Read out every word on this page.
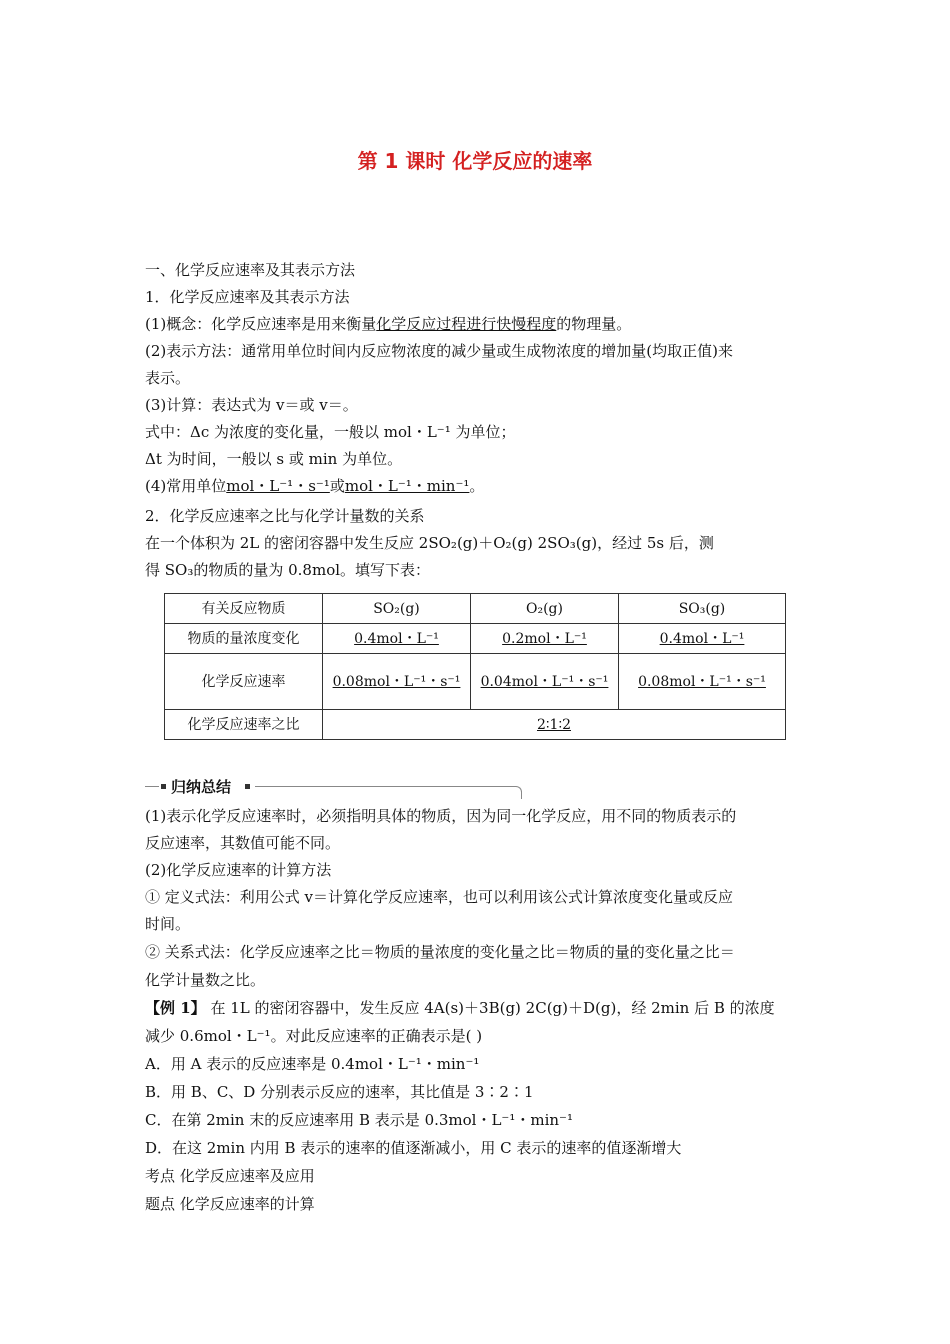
第 1 课时 化学反应的速率
一、化学反应速率及其表示方法
1．化学反应速率及其表示方法
(1)概念：化学反应速率是用来衡量化学反应过程进行快慢程度的物理量。
(2)表示方法：通常用单位时间内反应物浓度的减少量或生成物浓度的增加量(均取正值)来
表示。
(3)计算：表达式为 v＝或 v＝。
式中：Δc 为浓度的变化量，一般以 mol・L⁻¹ 为单位；
Δt 为时间，一般以 s 或 min 为单位。
(4)常用单位mol・L⁻¹・s⁻¹或mol・L⁻¹・min⁻¹。
2．化学反应速率之比与化学计量数的关系
在一个体积为 2L 的密闭容器中发生反应 2SO₂(g)＋O₂(g) 2SO₃(g)，经过 5s 后，测
得 SO₃的物质的量为 0.8mol。填写下表：
有关反应物质	SO₂(g)	O₂(g)	SO₃(g)
物质的量浓度变化	0.4mol・L⁻¹	0.2mol・L⁻¹	0.4mol・L⁻¹
化学反应速率	0.08mol・L⁻¹・s⁻¹	0.04mol・L⁻¹・s⁻¹	0.08mol・L⁻¹・s⁻¹
化学反应速率之比	2∶1∶2		
归纳总结
(1)表示化学反应速率时，必须指明具体的物质，因为同一化学反应，用不同的物质表示的
反应速率，其数值可能不同。
(2)化学反应速率的计算方法
① 定义式法：利用公式 v＝计算化学反应速率，也可以利用该公式计算浓度变化量或反应
时间。
② 关系式法：化学反应速率之比＝物质的量浓度的变化量之比＝物质的量的变化量之比＝
化学计量数之比。
【例 1】 在 1L 的密闭容器中，发生反应 4A(s)＋3B(g) 2C(g)＋D(g)，经 2min 后 B 的浓度
减少 0.6mol・L⁻¹。对此反应速率的正确表示是( )
A．用 A 表示的反应速率是 0.4mol・L⁻¹・min⁻¹
B．用 B、C、D 分别表示反应的速率，其比值是 3∶2∶1
C．在第 2min 末的反应速率用 B 表示是 0.3mol・L⁻¹・min⁻¹
D．在这 2min 内用 B 表示的速率的值逐渐减小，用 C 表示的速率的值逐渐增大
考点 化学反应速率及应用
题点 化学反应速率的计算
